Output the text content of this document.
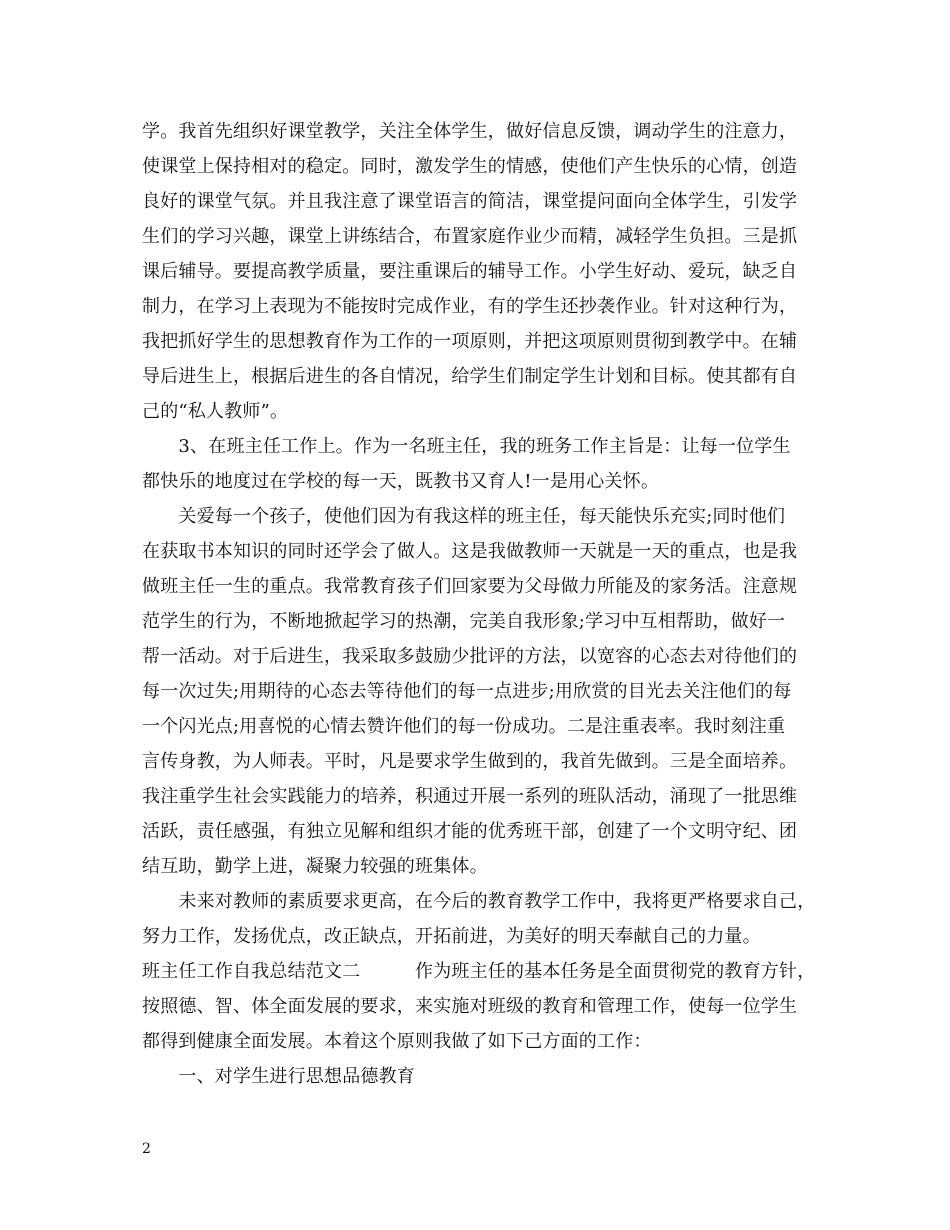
学。我首先组织好课堂教学，关注全体学生，做好信息反馈，调动学生的注意力，
使课堂上保持相对的稳定。同时，激发学生的情感，使他们产生快乐的心情，创造
良好的课堂气氛。并且我注意了课堂语言的简洁，课堂提问面向全体学生，引发学
生们的学习兴趣，课堂上讲练结合，布置家庭作业少而精，减轻学生负担。三是抓
课后辅导。要提高教学质量，要注重课后的辅导工作。小学生好动、爱玩，缺乏自
制力，在学习上表现为不能按时完成作业，有的学生还抄袭作业。针对这种行为，
我把抓好学生的思想教育作为工作的一项原则，并把这项原则贯彻到教学中。在辅
导后进生上，根据后进生的各自情况，给学生们制定学生计划和目标。使其都有自
己的“私人教师”。
　　3、在班主任工作上。作为一名班主任，我的班务工作主旨是：让每一位学生
都快乐的地度过在学校的每一天，既教书又育人!一是用心关怀。
　　关爱每一个孩子，使他们因为有我这样的班主任，每天能快乐充实;同时他们
在获取书本知识的同时还学会了做人。这是我做教师一天就是一天的重点，也是我
做班主任一生的重点。我常教育孩子们回家要为父母做力所能及的家务活。注意规
范学生的行为，不断地掀起学习的热潮，完美自我形象;学习中互相帮助，做好一
帮一活动。对于后进生，我采取多鼓励少批评的方法，以宽容的心态去对待他们的
每一次过失;用期待的心态去等待他们的每一点进步;用欣赏的目光去关注他们的每
一个闪光点;用喜悦的心情去赞许他们的每一份成功。二是注重表率。我时刻注重
言传身教，为人师表。平时，凡是要求学生做到的，我首先做到。三是全面培养。
我注重学生社会实践能力的培养，积通过开展一系列的班队活动，涌现了一批思维
活跃，责任感强，有独立见解和组织才能的优秀班干部，创建了一个文明守纪、团
结互助，勤学上进，凝聚力较强的班集体。
　　未来对教师的素质要求更高，在今后的教育教学工作中，我将更严格要求自己，
努力工作，发扬优点，改正缺点，开拓前进，为美好的明天奉献自己的力量。
班主任工作自我总结范文二　　　作为班主任的基本任务是全面贯彻党的教育方针，
按照德、智、体全面发展的要求，来实施对班级的教育和管理工作，使每一位学生
都得到健康全面发展。本着这个原则我做了如下己方面的工作：
　　一、对学生进行思想品德教育
2
